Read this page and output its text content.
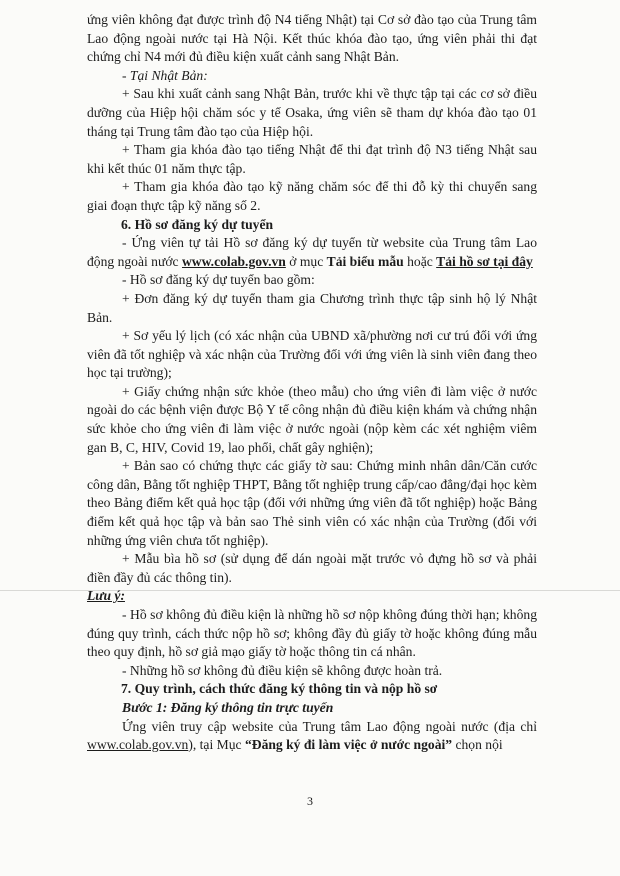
ứng viên không đạt được trình độ N4 tiếng Nhật) tại Cơ sở đào tạo của Trung tâm Lao động ngoài nước tại Hà Nội. Kết thúc khóa đào tạo, ứng viên phải thi đạt chứng chỉ N4 mới đủ điều kiện xuất cảnh sang Nhật Bản.

- Tại Nhật Bản:

+ Sau khi xuất cảnh sang Nhật Bản, trước khi về thực tập tại các cơ sở điều dưỡng của Hiệp hội chăm sóc y tế Osaka, ứng viên sẽ tham dự khóa đào tạo 01 tháng tại Trung tâm đào tạo của Hiệp hội.

+ Tham gia khóa đào tạo tiếng Nhật để thi đạt trình độ N3 tiếng Nhật sau khi kết thúc 01 năm thực tập.

+ Tham gia khóa đào tạo kỹ năng chăm sóc để thi đỗ kỳ thi chuyển sang giai đoạn thực tập kỹ năng số 2.

6. Hồ sơ đăng ký dự tuyển

- Ứng viên tự tải Hồ sơ đăng ký dự tuyển từ website của Trung tâm Lao động ngoài nước www.colab.gov.vn ở mục Tải biểu mẫu hoặc Tải hồ sơ tại đây

- Hồ sơ đăng ký dự tuyển bao gồm:

+ Đơn đăng ký dự tuyển tham gia Chương trình thực tập sinh hộ lý Nhật Bản.

+ Sơ yếu lý lịch (có xác nhận của UBND xã/phường nơi cư trú đối với ứng viên đã tốt nghiệp và xác nhận của Trường đối với ứng viên là sinh viên đang theo học tại trường);

+ Giấy chứng nhận sức khỏe (theo mẫu) cho ứng viên đi làm việc ở nước ngoài do các bệnh viện được Bộ Y tế công nhận đủ điều kiện khám và chứng nhận sức khỏe cho ứng viên đi làm việc ở nước ngoài (nộp kèm các xét nghiệm viêm gan B, C, HIV, Covid 19, lao phổi, chất gây nghiện);

+ Bản sao có chứng thực các giấy tờ sau: Chứng minh nhân dân/Căn cước công dân, Bằng tốt nghiệp THPT, Bằng tốt nghiệp trung cấp/cao đẳng/đại học kèm theo Bảng điểm kết quả học tập (đối với những ứng viên đã tốt nghiệp) hoặc Bảng điểm kết quả học tập và bản sao Thẻ sinh viên có xác nhận của Trường (đối với những ứng viên chưa tốt nghiệp).

+ Mẫu bìa hồ sơ (sử dụng để dán ngoài mặt trước vỏ đựng hồ sơ và phải điền đầy đủ các thông tin).

Lưu ý:

- Hồ sơ không đủ điều kiện là những hồ sơ nộp không đúng thời hạn; không đúng quy trình, cách thức nộp hồ sơ; không đầy đủ giấy tờ hoặc không đúng mẫu theo quy định, hồ sơ giả mạo giấy tờ hoặc thông tin cá nhân.

- Những hồ sơ không đủ điều kiện sẽ không được hoàn trả.

7. Quy trình, cách thức đăng ký thông tin và nộp hồ sơ

Bước 1: Đăng ký thông tin trực tuyến

Ứng viên truy cập website của Trung tâm Lao động ngoài nước (địa chỉ www.colab.gov.vn), tại Mục “Đăng ký đi làm việc ở nước ngoài” chọn nội

3
